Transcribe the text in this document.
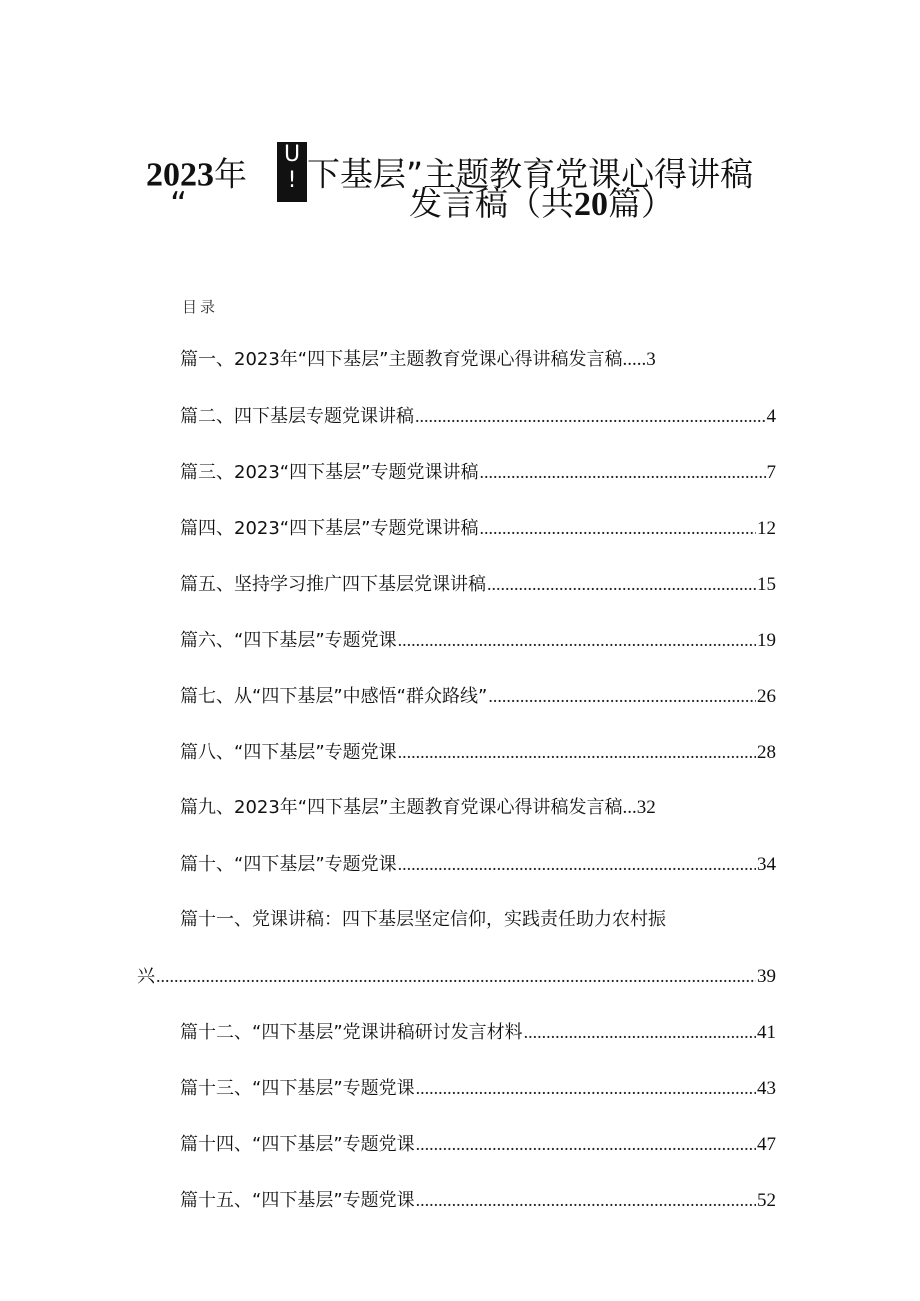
2023年	U
! 下基层”主题教育党课心得讲稿
“	发言稿（共20篇）
目录
篇一、2023年“四下基层”主题教育党课心得讲稿发言稿 ..... 3
篇二、四下基层专题党课讲稿 .....	4
篇三、2023“四下基层”专题党课讲稿 .....	7
篇四、2023“四下基层”专题党课讲稿 .....	12
篇五、坚持学习推广四下基层党课讲稿 .....	15
篇六、“四下基层”专题党课 .....	19
篇七、从“四下基层”中感悟“群众路线” .....	26
篇八、“四下基层”专题党课 .....	28
篇九、2023年“四下基层”主题教育党课心得讲稿发言稿 ... 32
篇十、“四下基层”专题党课 .....	34
篇十一、党课讲稿：四下基层坚定信仰，实践责任助力农村振
兴 .....	39
篇十二、“四下基层”党课讲稿研讨发言材料 .....	41
篇十三、“四下基层”专题党课 .....	43
篇十四、“四下基层”专题党课 .....	47
篇十五、“四下基层”专题党课 .....	52
